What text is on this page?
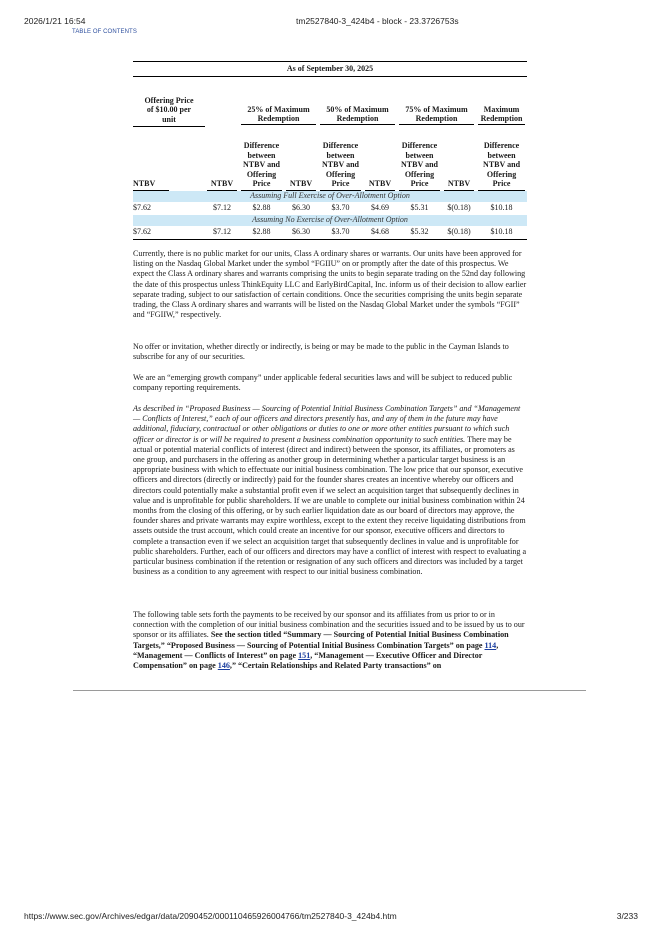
2026/1/21 16:54	tm2527840-3_424b4 - block - 23.3726753s
TABLE OF CONTENTS
As of September 30, 2025								
Offering Price of $10.00 per unit		25% of Maximum Redemption		50% of Maximum Redemption		75% of Maximum Redemption		Maximum Redemption

NTBV	NTBV	Difference between NTBV and Offering Price	NTBV	Difference between NTBV and Offering Price	NTBV	Difference between NTBV and Offering Price	NTBV	Difference between NTBV and Offering Price

Assuming Full Exercise of Over-Allotment Option								
$7.62	$7.12	$2.88	$6.30	$3.70	$4.69	$5.31	$(0.18)	$10.18
Assuming No Exercise of Over-Allotment Option								
$7.62	$7.12	$2.88	$6.30	$3.70	$4.68	$5.32	$(0.18)	$10.18

Currently, there is no public market for our units, Class A ordinary shares or warrants. Our units have been approved for listing on the Nasdaq Global Market under the symbol “FGIIU” on or promptly after the date of this prospectus. We expect the Class A ordinary shares and warrants comprising the units to begin separate trading on the 52nd day following the date of this prospectus unless ThinkEquity LLC and EarlyBirdCapital, Inc. inform us of their decision to allow earlier separate trading, subject to our satisfaction of certain conditions. Once the securities comprising the units begin separate trading, the Class A ordinary shares and warrants will be listed on the Nasdaq Global Market under the symbols “FGII” and “FGIIW,” respectively.

No offer or invitation, whether directly or indirectly, is being or may be made to the public in the Cayman Islands to subscribe for any of our securities.

We are an “emerging growth company” under applicable federal securities laws and will be subject to reduced public company reporting requirements.

As described in “Proposed Business — Sourcing of Potential Initial Business Combination Targets” and “Management — Conflicts of Interest,” each of our officers and directors presently has, and any of them in the future may have additional, fiduciary, contractual or other obligations or duties to one or more other entities pursuant to which such officer or director is or will be required to present a business combination opportunity to such entities. There may be actual or potential material conflicts of interest (direct and indirect) between the sponsor, its affiliates, or promoters as one group, and purchasers in the offering as another group in determining whether a particular target business is an appropriate business with which to effectuate our initial business combination. The low price that our sponsor, executive officers and directors (directly or indirectly) paid for the founder shares creates an incentive whereby our officers and directors could potentially make a substantial profit even if we select an acquisition target that subsequently declines in value and is unprofitable for public shareholders. If we are unable to complete our initial business combination within 24 months from the closing of this offering, or by such earlier liquidation date as our board of directors may approve, the founder shares and private warrants may expire worthless, except to the extent they receive liquidating distributions from assets outside the trust account, which could create an incentive for our sponsor, executive officers and directors to complete a transaction even if we select an acquisition target that subsequently declines in value and is unprofitable for public shareholders. Further, each of our officers and directors may have a conflict of interest with respect to evaluating a particular business combination if the retention or resignation of any such officers and directors was included by a target business as a condition to any agreement with respect to our initial business combination.

The following table sets forth the payments to be received by our sponsor and its affiliates from us prior to or in connection with the completion of our initial business combination and the securities issued and to be issued by us to our sponsor or its affiliates. See the section titled “Summary — Sourcing of Potential Initial Business Combination Targets,” “Proposed Business — Sourcing of Potential Initial Business Combination Targets” on page 114, “Management — Conflicts of Interest” on page 151, “Management — Executive Officer and Director Compensation” on page 146,” “Certain Relationships and Related Party transactions” on

https://www.sec.gov/Archives/edgar/data/2090452/000110465926004766/tm2527840-3_424b4.htm	3/233
